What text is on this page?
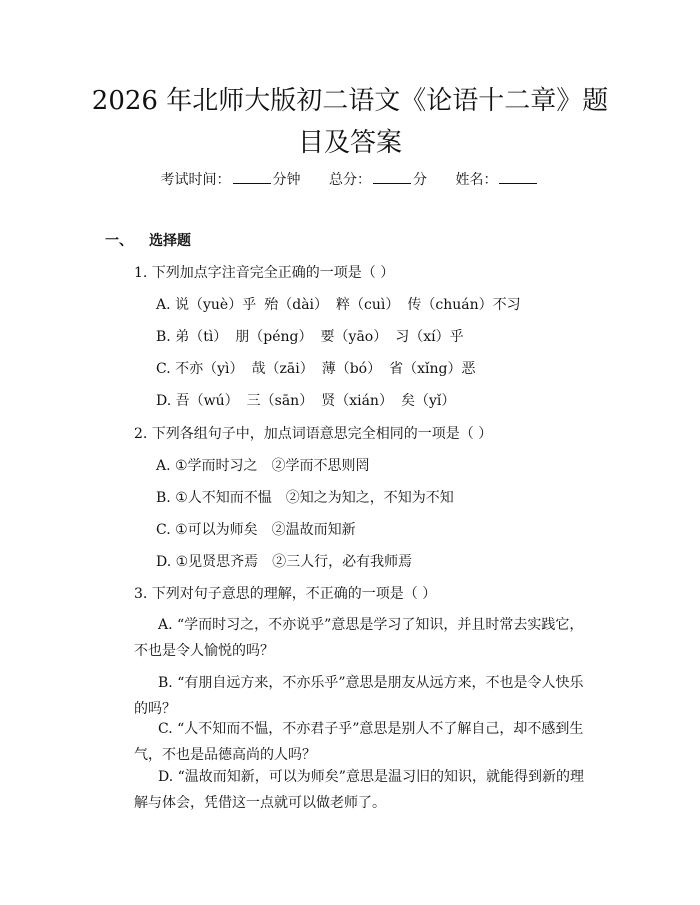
2026 年北师大版初二语文《论语十二章》题
目及答案
考试时间：	分钟 总分：	分 姓名：
一、 选择题
1. 下列加点字注音完全正确的一项是（ ）
A. 说（yuè）乎 殆（dài） 粹（cuì） 传（chuán）不习
B. 弟（tì） 朋（péng） 要（yāo） 习（xí）乎
C. 不亦（yì） 哉（zāi） 薄（bó） 省（xǐng）恶
D. 吾（wú） 三（sān） 贤（xián） 矣（yǐ）
2. 下列各组句子中，加点词语意思完全相同的一项是（ ）
A. ①学而时习之　②学而不思则罔
B. ①人不知而不愠　②知之为知之，不知为不知
C. ①可以为师矣　②温故而知新
D. ①见贤思齐焉　②三人行，必有我师焉
3. 下列对句子意思的理解，不正确的一项是（ ）
A. “学而时习之，不亦说乎”意思是学习了知识，并且时常去实践它，不也是令人愉悦的吗？
B. “有朋自远方来，不亦乐乎”意思是朋友从远方来，不也是令人快乐的吗？
C. “人不知而不愠，不亦君子乎”意思是别人不了解自己，却不感到生气，不也是品德高尚的人吗？
D. “温故而知新，可以为师矣”意思是温习旧的知识，就能得到新的理解与体会，凭借这一点就可以做老师了。
